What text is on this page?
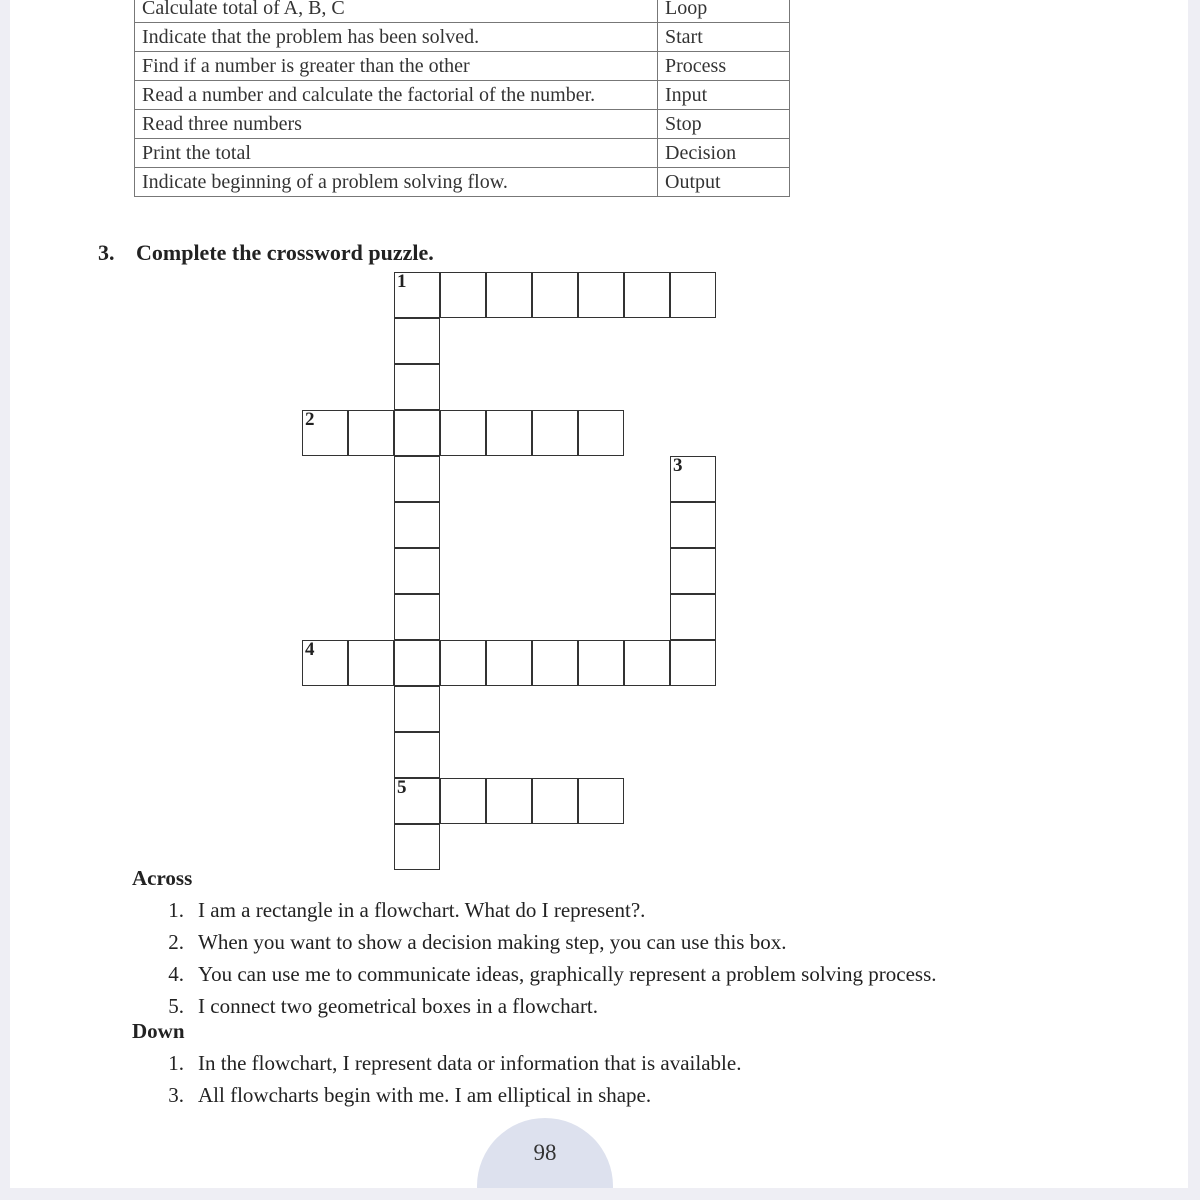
Calculate total of A, B, C	Loop
Indicate that the problem has been solved.	Start
Find if a number is greater than the other	Process
Read a number and calculate the factorial of the number.	Input
Read three numbers	Stop
Print the total	Decision
Indicate beginning of a problem solving flow.	Output
3. Complete the crossword puzzle.
1
2
3
4
5
Across
1. I am a rectangle in a flowchart. What do I represent?.
2. When you want to show a decision making step, you can use this box.
4. You can use me to communicate ideas, graphically represent a problem solving process.
5. I connect two geometrical boxes in a flowchart.
Down
1. In the flowchart, I represent data or information that is available.
3. All flowcharts begin with me. I am elliptical in shape.
98
